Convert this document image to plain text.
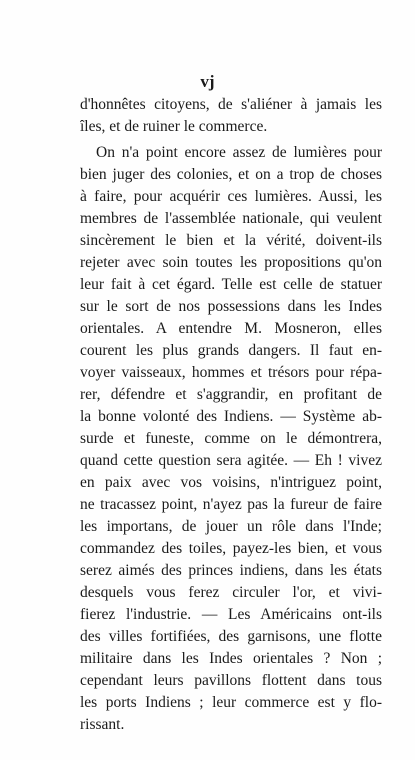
vj
d'honnêtes citoyens, de s'aliéner à jamais les
îles, et de ruiner le commerce.
On n'a point encore assez de lumières pour
bien juger des colonies, et on a trop de choses
à faire, pour acquérir ces lumières. Aussi, les
membres de l'assemblée nationale, qui veulent
sincèrement le bien et la vérité, doivent-ils
rejeter avec soin toutes les propositions qu'on
leur fait à cet égard. Telle est celle de statuer
sur le sort de nos possessions dans les Indes
orientales. A entendre M. Mosneron, elles
courent les plus grands dangers. Il faut en-
voyer vaisseaux, hommes et trésors pour répa-
rer, défendre et s'aggrandir, en profitant de
la bonne volonté des Indiens. — Système ab-
surde et funeste, comme on le démontrera,
quand cette question sera agitée. — Eh ! vivez
en paix avec vos voisins, n'intriguez point,
ne tracassez point, n'ayez pas la fureur de faire
les importans, de jouer un rôle dans l'Inde;
commandez des toiles, payez-les bien, et vous
serez aimés des princes indiens, dans les états
desquels vous ferez circuler l'or, et vivi-
fierez l'industrie. — Les Américains ont-ils
des villes fortifiées, des garnisons, une flotte
militaire dans les Indes orientales ? Non ;
cependant leurs pavillons flottent dans tous
les ports Indiens ; leur commerce est y flo-
rissant.
